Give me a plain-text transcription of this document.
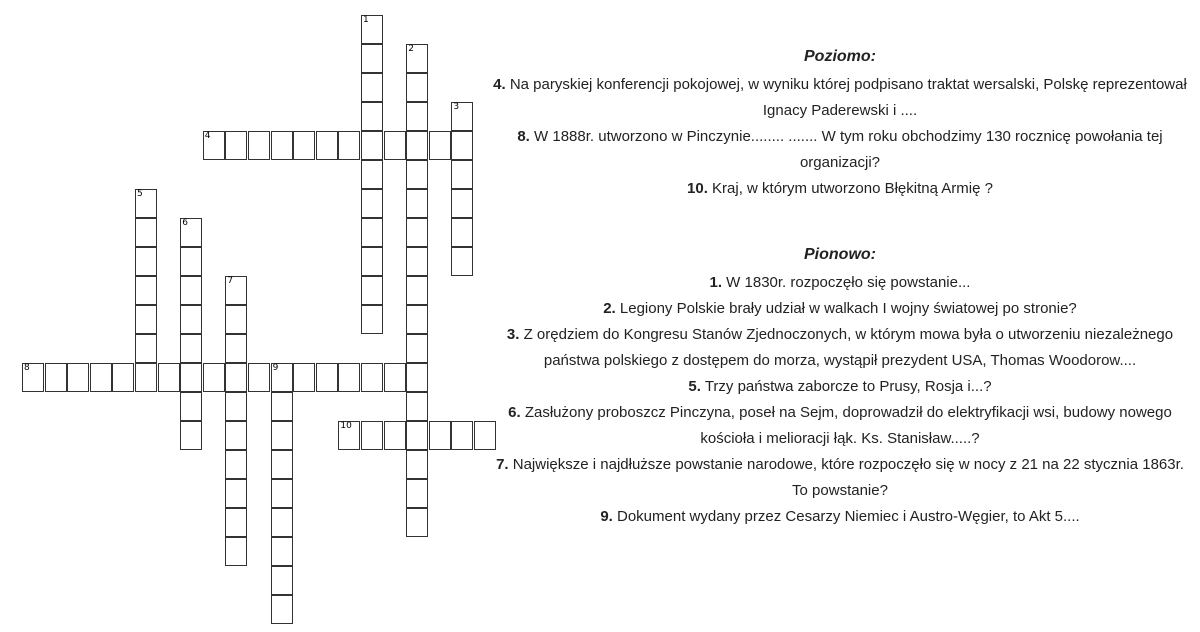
1
2
3
4
5
6
7
8	9
10
Poziomo:
4. Na paryskiej konferencji pokojowej, w wyniku której podpisano traktat wersalski, Polskę reprezentował Ignacy Paderewski i ....
8. W 1888r. utworzono w Pinczynie........ ....... W tym roku obchodzimy 130 rocznicę powołania tej organizacji?
10. Kraj, w którym utworzono Błękitną Armię ?
Pionowo:
1. W 1830r. rozpoczęło się powstanie...
2. Legiony Polskie brały udział w walkach I wojny światowej po stronie?
3. Z orędziem do Kongresu Stanów Zjednoczonych, w którym mowa była o utworzeniu niezależnego państwa polskiego z dostępem do morza, wystąpił prezydent USA, Thomas Woodorow....
5. Trzy państwa zaborcze to Prusy, Rosja i...?
6. Zasłużony proboszcz Pinczyna, poseł na Sejm, doprowadził do elektryfikacji wsi, budowy nowego kościoła i melioracji łąk. Ks. Stanisław.....?
7. Największe i najdłuższe powstanie narodowe, które rozpoczęło się w nocy z 21 na 22 stycznia 1863r. To powstanie?
9. Dokument wydany przez Cesarzy Niemiec i Austro-Węgier, to Akt 5....
